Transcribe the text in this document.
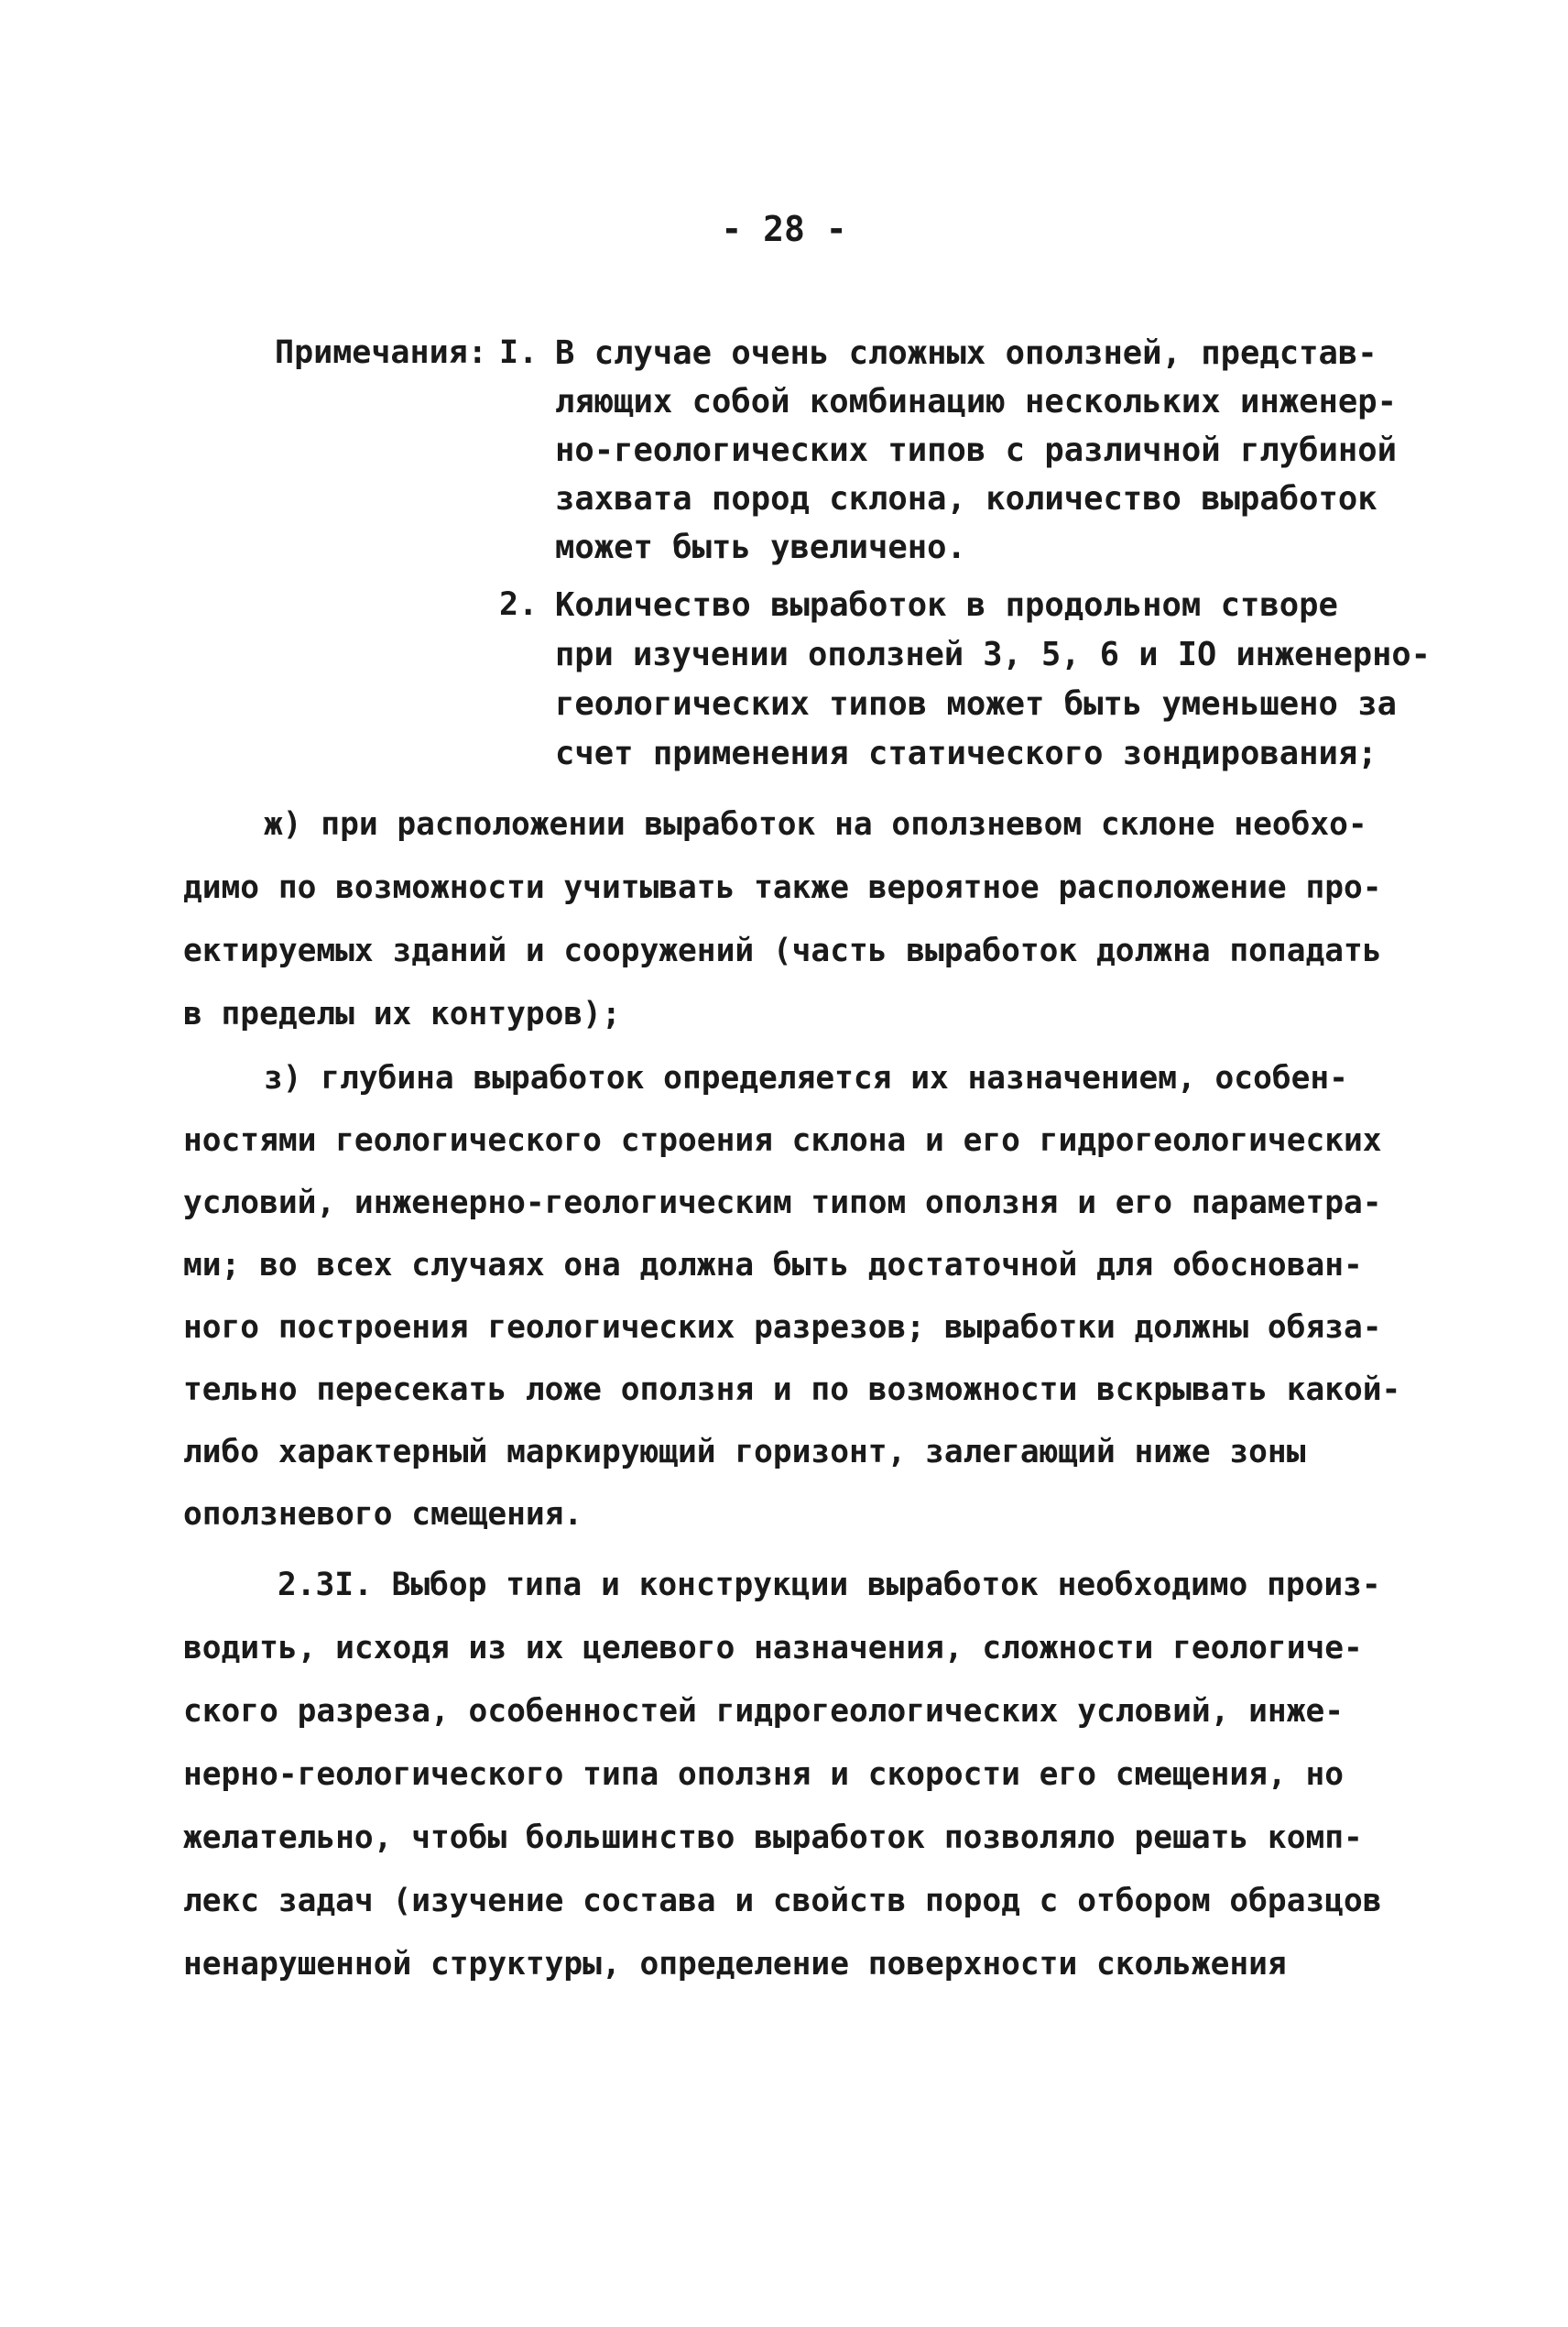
- 28 -
Примечания: I. В случае очень сложных оползней, представ-
ляющих собой комбинацию нескольких инженер-
но-геологических типов с различной глубиной
захвата пород склона, количество выработок
может быть увеличено.
2. Количество выработок в продольном створе
при изучении оползней 3, 5, 6 и IO инженерно-
геологических типов может быть уменьшено за
счет применения статического зондирования;
ж) при расположении выработок на оползневом склоне необхо-
димо по возможности учитывать также вероятное расположение про-
ектируемых зданий и сооружений (часть выработок должна попадать
в пределы их контуров);
з) глубина выработок определяется их назначением, особен-
ностями геологического строения склона и его гидрогеологических
условий, инженерно-геологическим типом оползня и его параметра-
ми; во всех случаях она должна быть достаточной для обоснован-
ного построения геологических разрезов; выработки должны обяза-
тельно пересекать ложе оползня и по возможности вскрывать какой-
либо характерный маркирующий горизонт, залегающий ниже зоны
оползневого смещения.
2.3I. Выбор типа и конструкции выработок необходимо произ-
водить, исходя из их целевого назначения, сложности геологиче-
ского разреза, особенностей гидрогеологических условий, инже-
нерно-геологического типа оползня и скорости его смещения, но
желательно, чтобы большинство выработок позволяло решать комп-
лекс задач (изучение состава и свойств пород с отбором образцов
ненарушенной структуры, определение поверхности скольжения
